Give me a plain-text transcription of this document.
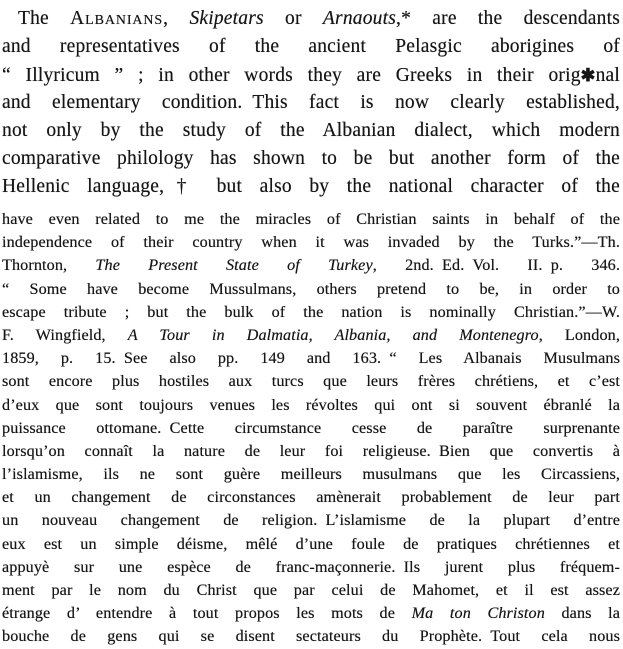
The Albanians, Skipetars or Arnaouts,* are the descendants
and representatives of the ancient Pelasgic aborigines of
“ Illyricum ” ; in other words they are Greeks in their orig✱nal
and elementary condition. This fact is now clearly established,
not only by the study of the Albanian dialect, which modern
comparative philology has shown to be but another form of the
Hellenic language,† but also by the national character of the
have even related to me the miracles of Christian saints in behalf of the
independence of their country when it was invaded by the Turks.”—Th.
Thornton, The Present State of Turkey, 2nd. Ed. Vol. II. p. 346.
“ Some have become Mussulmans, others pretend to be, in order to
escape tribute ; but the bulk of the nation is nominally Christian.”—W.
F. Wingfield, A Tour in Dalmatia, Albania, and Montenegro, London,
1859, p. 15. See also pp. 149 and 163. “ Les Albanais Musulmans
sont encore plus hostiles aux turcs que leurs frères chrétiens, et c’est
d’eux que sont toujours venues les révoltes qui ont si souvent ébranlé la
puissance ottomane. Cette circumstance cesse de paraître surprenante
lorsqu’on connaît la nature de leur foi religieuse. Bien que convertis à
l’islamisme, ils ne sont guère meilleurs musulmans que les Circassiens,
et un changement de circonstances amènerait probablement de leur part
un nouveau changement de religion. L’islamisme de la plupart d’entre
eux est un simple déisme, mêlé d’une foule de pratiques chrétiennes et
appuyè sur une espèce de franc-maçonnerie. Ils jurent plus fréquem-
ment par le nom du Christ que par celui de Mahomet, et il est assez
étrange d’ entendre à tout propos les mots de Ma ton Christon dans la
bouche de gens qui se disent sectateurs du Prophète. Tout cela nous
